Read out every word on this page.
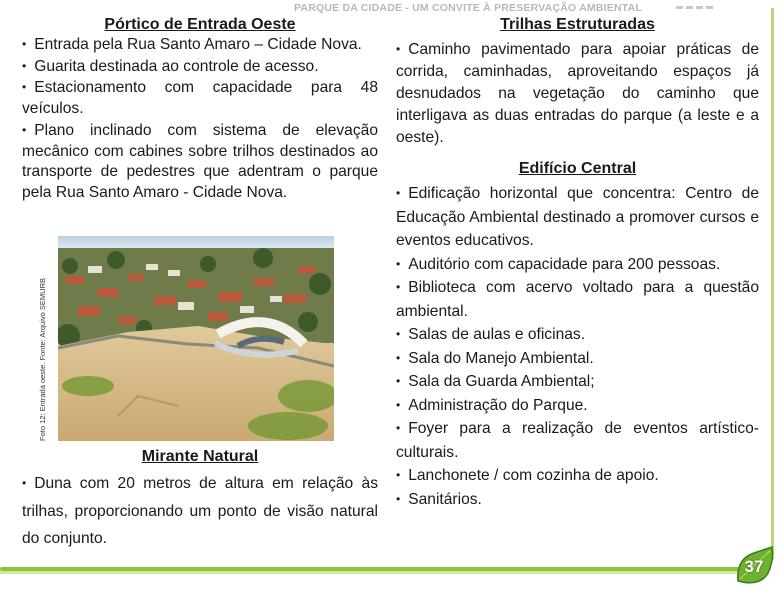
PARQUE DA CIDADE - UM CONVITE À PRESERVAÇÃO AMBIENTAL
Pórtico de Entrada Oeste
• Entrada pela Rua Santo Amaro – Cidade Nova.
• Guarita destinada ao controle de acesso.
• Estacionamento com capacidade para 48 veículos.
• Plano inclinado com sistema de elevação mecânico com cabines sobre trilhos destinados ao transporte de pedestres que adentram o parque pela Rua Santo Amaro - Cidade Nova.
Foto 12: Entrada oeste. Fonte: Arquivo SEMURB
Mirante Natural
• Duna com 20 metros de altura em relação às trilhas, proporcionando um ponto de visão natural do conjunto.
Trilhas Estruturadas
• Caminho pavimentado para apoiar práticas de corrida, caminhadas, aproveitando espaços já desnudados na vegetação do caminho que interligava as duas entradas do parque (a leste e a oeste).
Edifício Central
• Edificação horizontal que concentra: Centro de Educação Ambiental destinado a promover cursos e eventos educativos.
• Auditório com capacidade para 200 pessoas.
• Biblioteca com acervo voltado para a questão ambiental.
• Salas de aulas e oficinas.
• Sala do Manejo Ambiental.
• Sala da Guarda Ambiental;
• Administração do Parque.
• Foyer para a realização de eventos artístico-culturais.
• Lanchonete / com cozinha de apoio.
• Sanitários.
37
